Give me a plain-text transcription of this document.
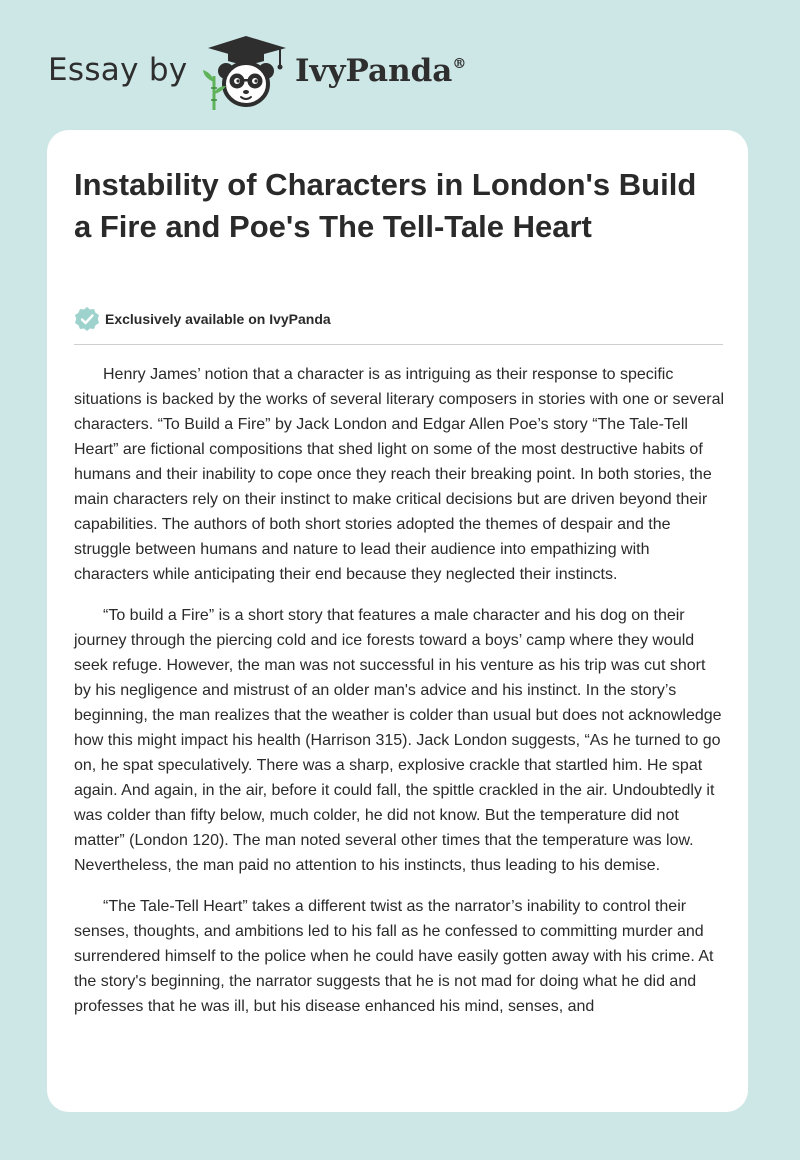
Essay by	IvyPanda®
Instability of Characters in London's Build a Fire and Poe's The Tell-Tale Heart
Exclusively available on IvyPanda

Henry James’ notion that a character is as intriguing as their response to specific situations is backed by the works of several literary composers in stories with one or several characters. “To Build a Fire” by Jack London and Edgar Allen Poe’s story “The Tale-Tell Heart” are fictional compositions that shed light on some of the most destructive habits of humans and their inability to cope once they reach their breaking point. In both stories, the main characters rely on their instinct to make critical decisions but are driven beyond their capabilities. The authors of both short stories adopted the themes of despair and the struggle between humans and nature to lead their audience into empathizing with characters while anticipating their end because they neglected their instincts.

“To build a Fire” is a short story that features a male character and his dog on their journey through the piercing cold and ice forests toward a boys’ camp where they would seek refuge. However, the man was not successful in his venture as his trip was cut short by his negligence and mistrust of an older man's advice and his instinct. In the story’s beginning, the man realizes that the weather is colder than usual but does not acknowledge how this might impact his health (Harrison 315). Jack London suggests, “As he turned to go on, he spat speculatively. There was a sharp, explosive crackle that startled him. He spat again. And again, in the air, before it could fall, the spittle crackled in the air. Undoubtedly it was colder than fifty below, much colder, he did not know. But the temperature did not matter” (London 120). The man noted several other times that the temperature was low. Nevertheless, the man paid no attention to his instincts, thus leading to his demise.

“The Tale-Tell Heart” takes a different twist as the narrator’s inability to control their senses, thoughts, and ambitions led to his fall as he confessed to committing murder and surrendered himself to the police when he could have easily gotten away with his crime. At the story's beginning, the narrator suggests that he is not mad for doing what he did and professes that he was ill, but his disease enhanced his mind, senses, and
